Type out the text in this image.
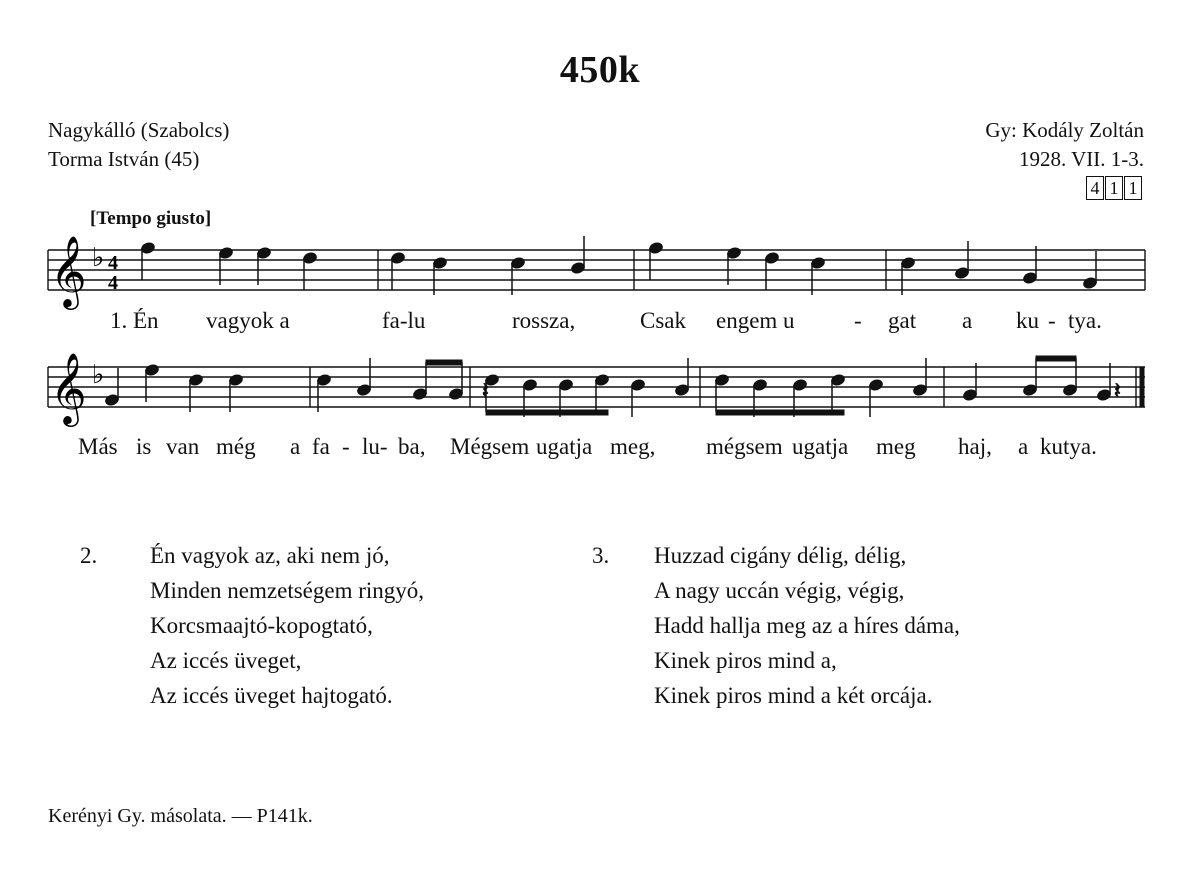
450k
Nagykálló (Szabolcs)
Torma István (45)
Gy: Kodály Zoltán
1928. VII. 1-3.
4 1 1
[Tempo giusto]
𝄞
𝄞
♭
♭
4
4
𝄽	𝄽
1. Én vagyok a	fa-lu	rossza,	Csak engem u	- gat a ku - tya.
Más is van még a fa - lu- ba, Mégsem ugatja meg, mégsem ugatja meg haj, a kutya.
2. Én vagyok az, aki nem jó,
Minden nemzetségem ringyó,
Korcsmaajtó-kopogtató,
Az iccés üveget,
Az iccés üveget hajtogató.
3. Huzzad cigány délig, délig,
A nagy uccán végig, végig,
Hadd hallja meg az a híres dáma,
Kinek piros mind a,
Kinek piros mind a két orcája.
Kerényi Gy. másolata. — P141k.
